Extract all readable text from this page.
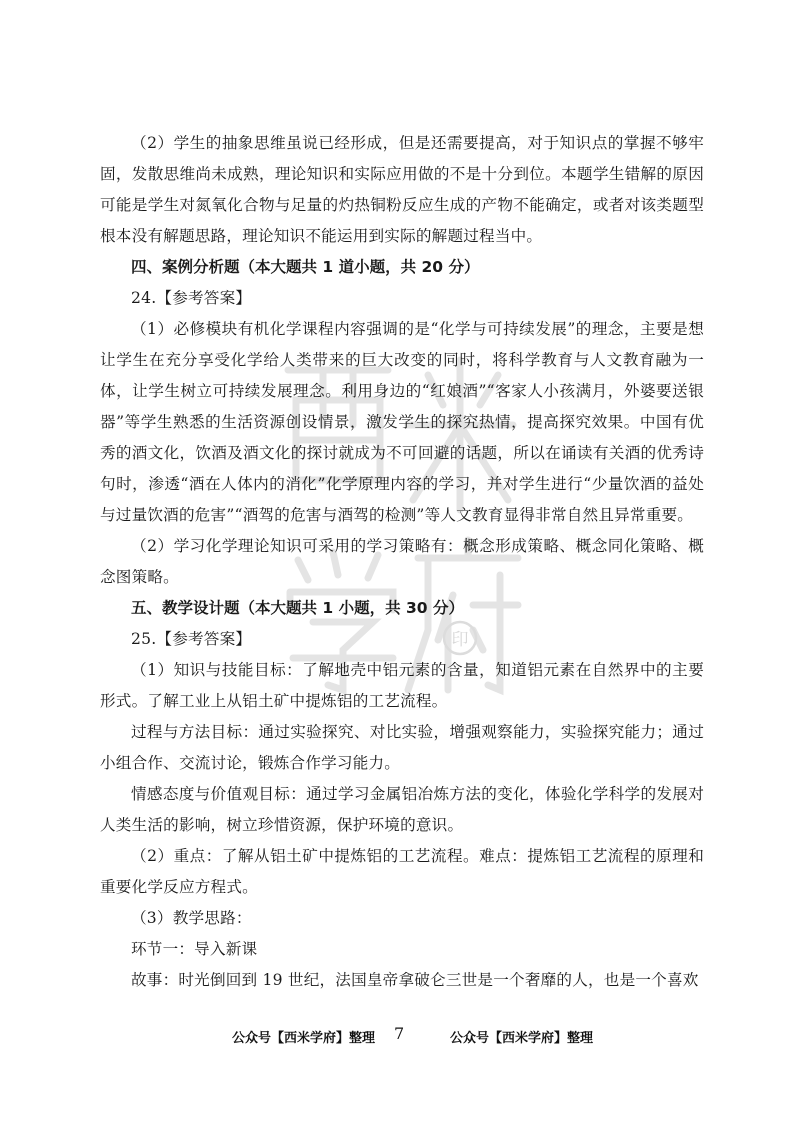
印

（2）学生的抽象思维虽说已经形成，但是还需要提高，对于知识点的掌握不够牢固，发散思维尚未成熟，理论知识和实际应用做的不是十分到位。本题学生错解的原因可能是学生对氮氧化合物与足量的灼热铜粉反应生成的产物不能确定，或者对该类题型根本没有解题思路，理论知识不能运用到实际的解题过程当中。

四、案例分析题（本大题共 1 道小题，共 20 分）

24.【参考答案】

（1）必修模块有机化学课程内容强调的是“化学与可持续发展”的理念，主要是想让学生在充分享受化学给人类带来的巨大改变的同时，将科学教育与人文教育融为一体，让学生树立可持续发展理念。利用身边的“红娘酒”“客家人小孩满月，外婆要送银器”等学生熟悉的生活资源创设情景，激发学生的探究热情，提高探究效果。中国有优秀的酒文化，饮酒及酒文化的探讨就成为不可回避的话题，所以在诵读有关酒的优秀诗句时，渗透“酒在人体内的消化”化学原理内容的学习，并对学生进行“少量饮酒的益处与过量饮酒的危害”“酒驾的危害与酒驾的检测”等人文教育显得非常自然且异常重要。

（2）学习化学理论知识可采用的学习策略有：概念形成策略、概念同化策略、概念图策略。

五、教学设计题（本大题共 1 小题，共 30 分）

25.【参考答案】

（1）知识与技能目标：了解地壳中铝元素的含量，知道铝元素在自然界中的主要形式。了解工业上从铝土矿中提炼铝的工艺流程。

过程与方法目标：通过实验探究、对比实验，增强观察能力，实验探究能力；通过小组合作、交流讨论，锻炼合作学习能力。

情感态度与价值观目标：通过学习金属铝冶炼方法的变化，体验化学科学的发展对人类生活的影响，树立珍惜资源，保护环境的意识。

（2）重点：了解从铝土矿中提炼铝的工艺流程。难点：提炼铝工艺流程的原理和重要化学反应方程式。

（3）教学思路：

环节一：导入新课

故事：时光倒回到 19 世纪，法国皇帝拿破仑三世是一个奢靡的人，也是一个喜欢

公众号【西米学府】整理 7	公众号【西米学府】整理
